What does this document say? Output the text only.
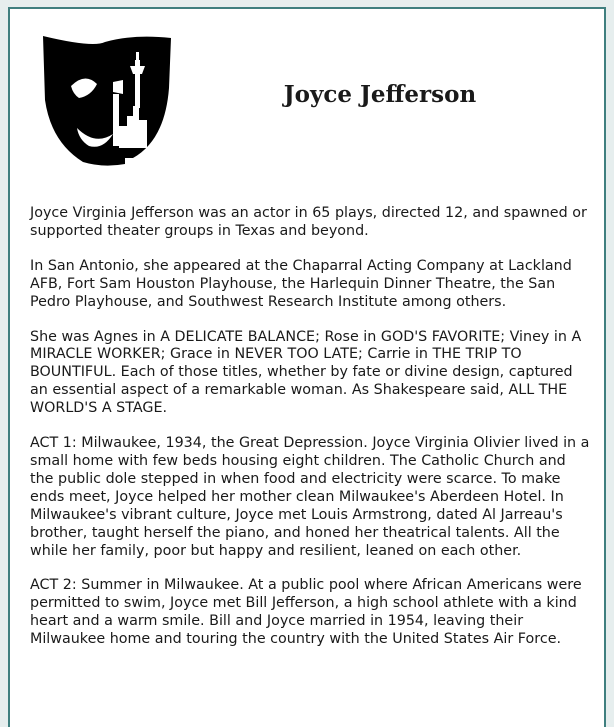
Joyce Jefferson

Joyce Virginia Jefferson was an actor in 65 plays, directed 12, and spawned or supported theater groups in Texas and beyond.

In San Antonio, she appeared at the Chaparral Acting Company at Lackland AFB, Fort Sam Houston Playhouse, the Harlequin Dinner Theatre, the San Pedro Playhouse, and Southwest Research Institute among others.

She was Agnes in A DELICATE BALANCE; Rose in GOD'S FAVORITE; Viney in A MIRACLE WORKER; Grace in NEVER TOO LATE; Carrie in THE TRIP TO BOUNTIFUL. Each of those titles, whether by fate or divine design, captured an essential aspect of a remarkable woman. As Shakespeare said, ALL THE WORLD'S A STAGE.

ACT 1: Milwaukee, 1934, the Great Depression. Joyce Virginia Olivier lived in a small home with few beds housing eight children. The Catholic Church and the public dole stepped in when food and electricity were scarce. To make ends meet, Joyce helped her mother clean Milwaukee's Aberdeen Hotel. In Milwaukee's vibrant culture, Joyce met Louis Armstrong, dated Al Jarreau's brother, taught herself the piano, and honed her theatrical talents. All the while her family, poor but happy and resilient, leaned on each other.

ACT 2: Summer in Milwaukee. At a public pool where African Americans were permitted to swim, Joyce met Bill Jefferson, a high school athlete with a kind heart and a warm smile. Bill and Joyce married in 1954, leaving their Milwaukee home and touring the country with the United States Air Force.
